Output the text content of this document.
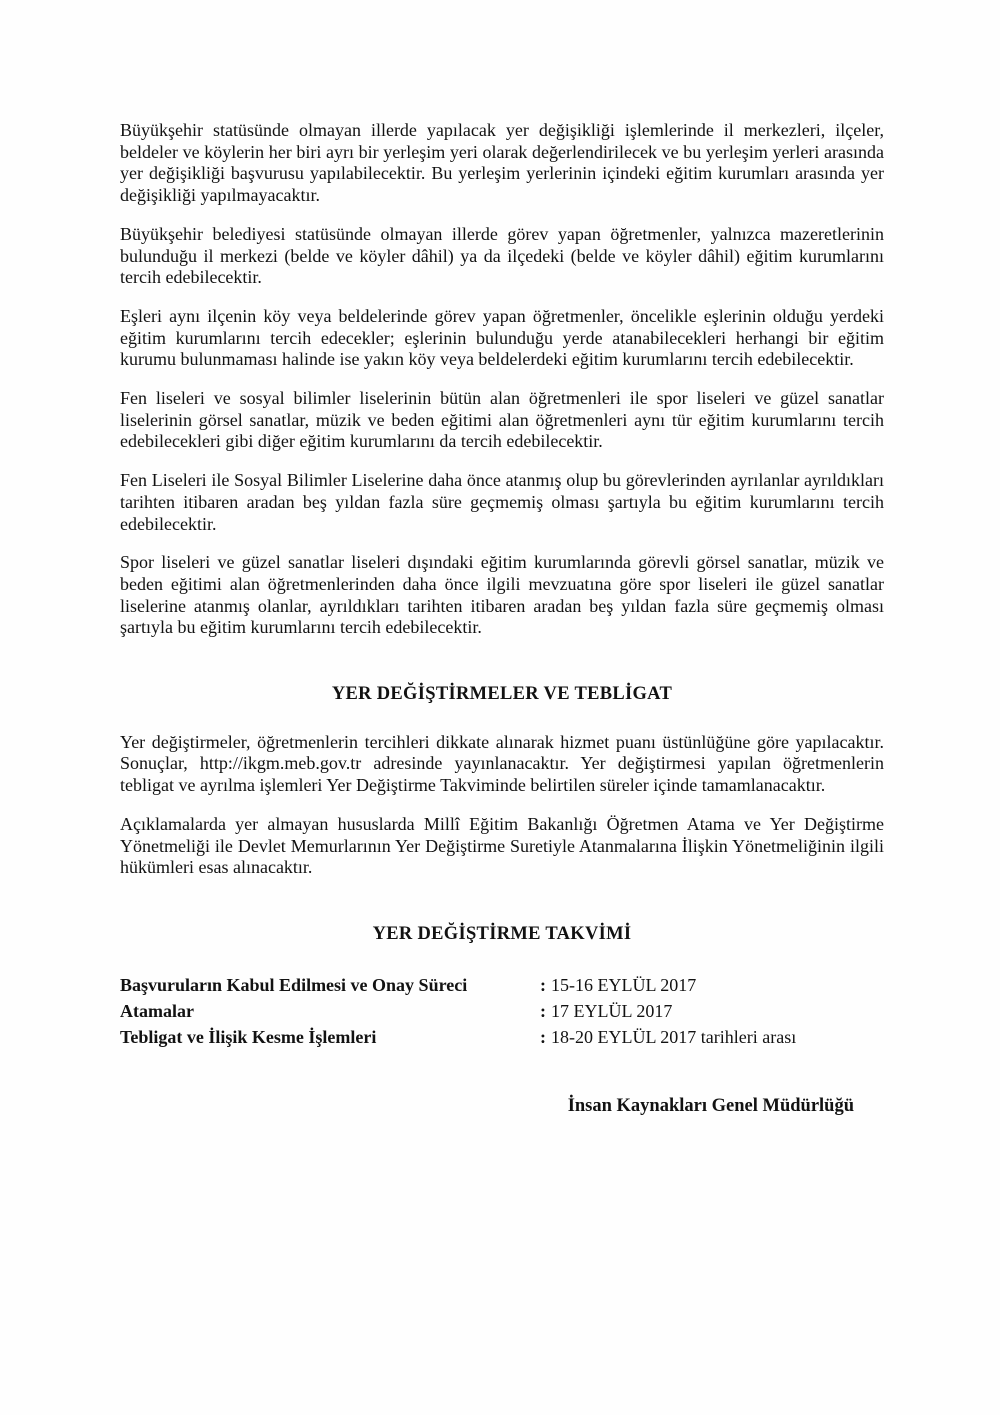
Büyükşehir statüsünde olmayan illerde yapılacak yer değişikliği işlemlerinde il merkezleri, ilçeler, beldeler ve köylerin her biri ayrı bir yerleşim yeri olarak değerlendirilecek ve bu yerleşim yerleri arasında yer değişikliği başvurusu yapılabilecektir. Bu yerleşim yerlerinin içindeki eğitim kurumları arasında yer değişikliği yapılmayacaktır.

Büyükşehir belediyesi statüsünde olmayan illerde görev yapan öğretmenler, yalnızca mazeretlerinin bulunduğu il merkezi (belde ve köyler dâhil) ya da ilçedeki (belde ve köyler dâhil) eğitim kurumlarını tercih edebilecektir.

Eşleri aynı ilçenin köy veya beldelerinde görev yapan öğretmenler, öncelikle eşlerinin olduğu yerdeki eğitim kurumlarını tercih edecekler; eşlerinin bulunduğu yerde atanabilecekleri herhangi bir eğitim kurumu bulunmaması halinde ise yakın köy veya beldelerdeki eğitim kurumlarını tercih edebilecektir.

Fen liseleri ve sosyal bilimler liselerinin bütün alan öğretmenleri ile spor liseleri ve güzel sanatlar liselerinin görsel sanatlar, müzik ve beden eğitimi alan öğretmenleri aynı tür eğitim kurumlarını tercih edebilecekleri gibi diğer eğitim kurumlarını da tercih edebilecektir.

Fen Liseleri ile Sosyal Bilimler Liselerine daha önce atanmış olup bu görevlerinden ayrılanlar ayrıldıkları tarihten itibaren aradan beş yıldan fazla süre geçmemiş olması şartıyla bu eğitim kurumlarını tercih edebilecektir.

Spor liseleri ve güzel sanatlar liseleri dışındaki eğitim kurumlarında görevli görsel sanatlar, müzik ve beden eğitimi alan öğretmenlerinden daha önce ilgili mevzuatına göre spor liseleri ile güzel sanatlar liselerine atanmış olanlar, ayrıldıkları tarihten itibaren aradan beş yıldan fazla süre geçmemiş olması şartıyla bu eğitim kurumlarını tercih edebilecektir.

YER DEĞİŞTİRMELER VE TEBLİGAT

Yer değiştirmeler, öğretmenlerin tercihleri dikkate alınarak hizmet puanı üstünlüğüne göre yapılacaktır. Sonuçlar, http://ikgm.meb.gov.tr adresinde yayınlanacaktır. Yer değiştirmesi yapılan öğretmenlerin tebligat ve ayrılma işlemleri Yer Değiştirme Takviminde belirtilen süreler içinde tamamlanacaktır.

Açıklamalarda yer almayan hususlarda Millî Eğitim Bakanlığı Öğretmen Atama ve Yer Değiştirme Yönetmeliği ile Devlet Memurlarının Yer Değiştirme Suretiyle Atanmalarına İlişkin Yönetmeliğinin ilgili hükümleri esas alınacaktır.

YER DEĞİŞTİRME TAKVİMİ
Başvuruların Kabul Edilmesi ve Onay Süreci	: 15-16 EYLÜL 2017
Atamalar	: 17 EYLÜL 2017
Tebligat ve İlişik Kesme İşlemleri	: 18-20 EYLÜL 2017 tarihleri arası
İnsan Kaynakları Genel Müdürlüğü
